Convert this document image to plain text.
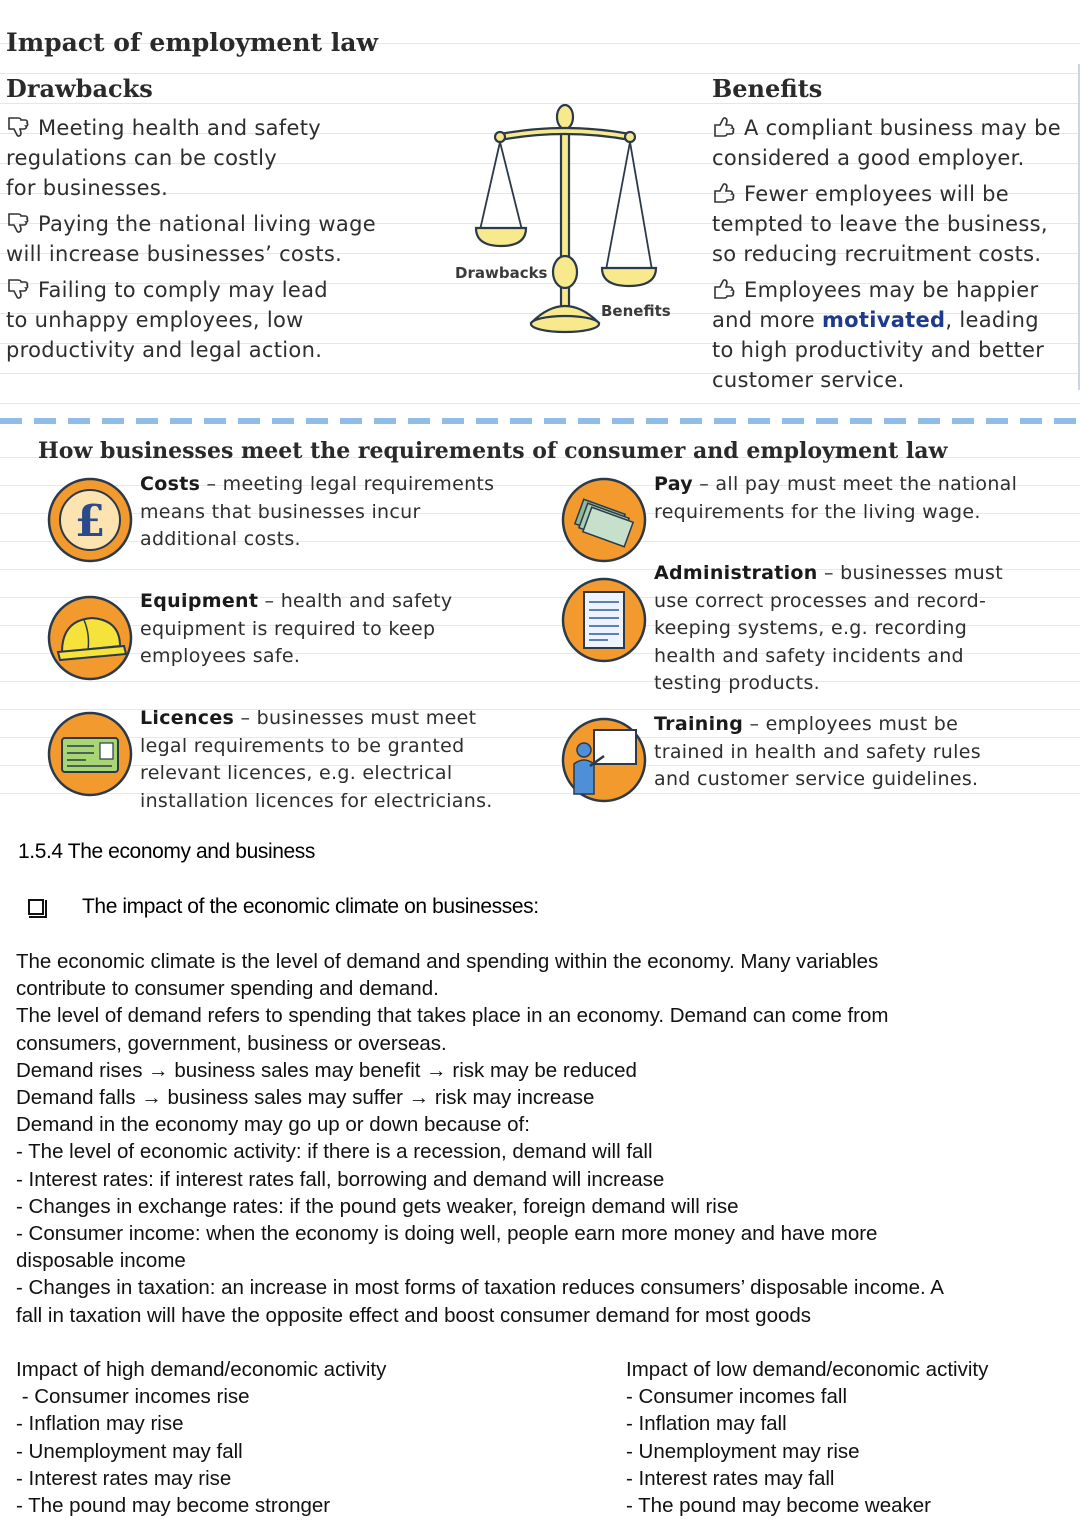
Impact of employment law
Drawbacks	Benefits
Meeting health and safety
regulations can be costly
for businesses.
Paying the national living wage
will increase businesses’ costs.
Failing to comply may lead
to unhappy employees, low
productivity and legal action.
Drawbacks
Benefits
A compliant business may be
considered a good employer.
Fewer employees will be
tempted to leave the business,
so reducing recruitment costs.
Employees may be happier
and more motivated, leading
to high productivity and better
customer service.
How businesses meet the requirements of consumer and employment law
£
Costs – meeting legal requirements
means that businesses incur
additional costs.
Pay – all pay must meet the national
requirements for the living wage.
Equipment – health and safety
equipment is required to keep
employees safe.
Administration – businesses must
use correct processes and record-
keeping systems, e.g. recording
health and safety incidents and
testing products.
Licences – businesses must meet
legal requirements to be granted
relevant licences, e.g. electrical
installation licences for electricians.
Training – employees must be
trained in health and safety rules
and customer service guidelines.
1.5.4 The economy and business
The impact of the economic climate on businesses:
The economic climate is the level of demand and spending within the economy. Many variables
contribute to consumer spending and demand.
The level of demand refers to spending that takes place in an economy. Demand can come from
consumers, government, business or overseas.
Demand rises → business sales may benefit → risk may be reduced
Demand falls → business sales may suffer → risk may increase
Demand in the economy may go up or down because of:
- The level of economic activity: if there is a recession, demand will fall
- Interest rates: if interest rates fall, borrowing and demand will increase
- Changes in exchange rates: if the pound gets weaker, foreign demand will rise
- Consumer income: when the economy is doing well, people earn more money and have more
disposable income
- Changes in taxation: an increase in most forms of taxation reduces consumers’ disposable income. A
fall in taxation will have the opposite effect and boost consumer demand for most goods
Impact of high demand/economic activity
- Consumer incomes rise
- Inflation may rise
- Unemployment may fall
- Interest rates may rise
- The pound may become stronger
Impact of low demand/economic activity
- Consumer incomes fall
- Inflation may fall
- Unemployment may rise
- Interest rates may fall
- The pound may become weaker
